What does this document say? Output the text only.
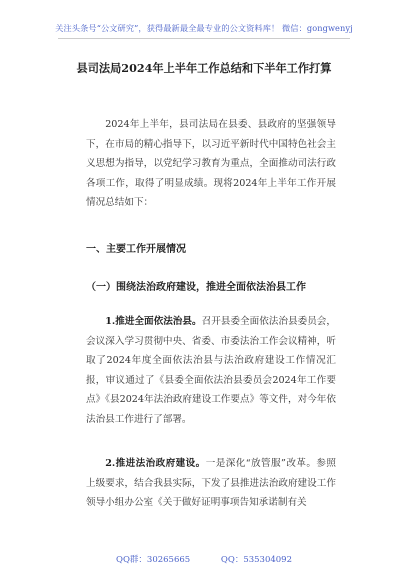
关注头条号“公文研究”，获得最新最全最专业的公文资料库！ 微信：gongwenyj
县司法局2024年上半年工作总结和下半年工作打算
2024年上半年，县司法局在县委、县政府的坚强领导下，在市局的精心指导下，以习近平新时代中国特色社会主义思想为指导，以党纪学习教育为重点，全面推动司法行政各项工作，取得了明显成绩。现将2024年上半年工作开展情况总结如下：
一、主要工作开展情况
（一）围绕法治政府建设，推进全面依法治县工作
1.推进全面依法治县。召开县委全面依法治县委员会，会议深入学习贯彻中央、省委、市委法治工作会议精神，听取了2024年度全面依法治县与法治政府建设工作情况汇报，审议通过了《县委全面依法治县委员会2024年工作要点》《县2024年法治政府建设工作要点》等文件，对今年依法治县工作进行了部署。
2.推进法治政府建设。一是深化“放管服”改革。参照上级要求，结合我县实际，下发了县推进法治政府建设工作领导小组办公室《关于做好证明事项告知承诺制有关
QQ群：30265665	QQ：535304092
